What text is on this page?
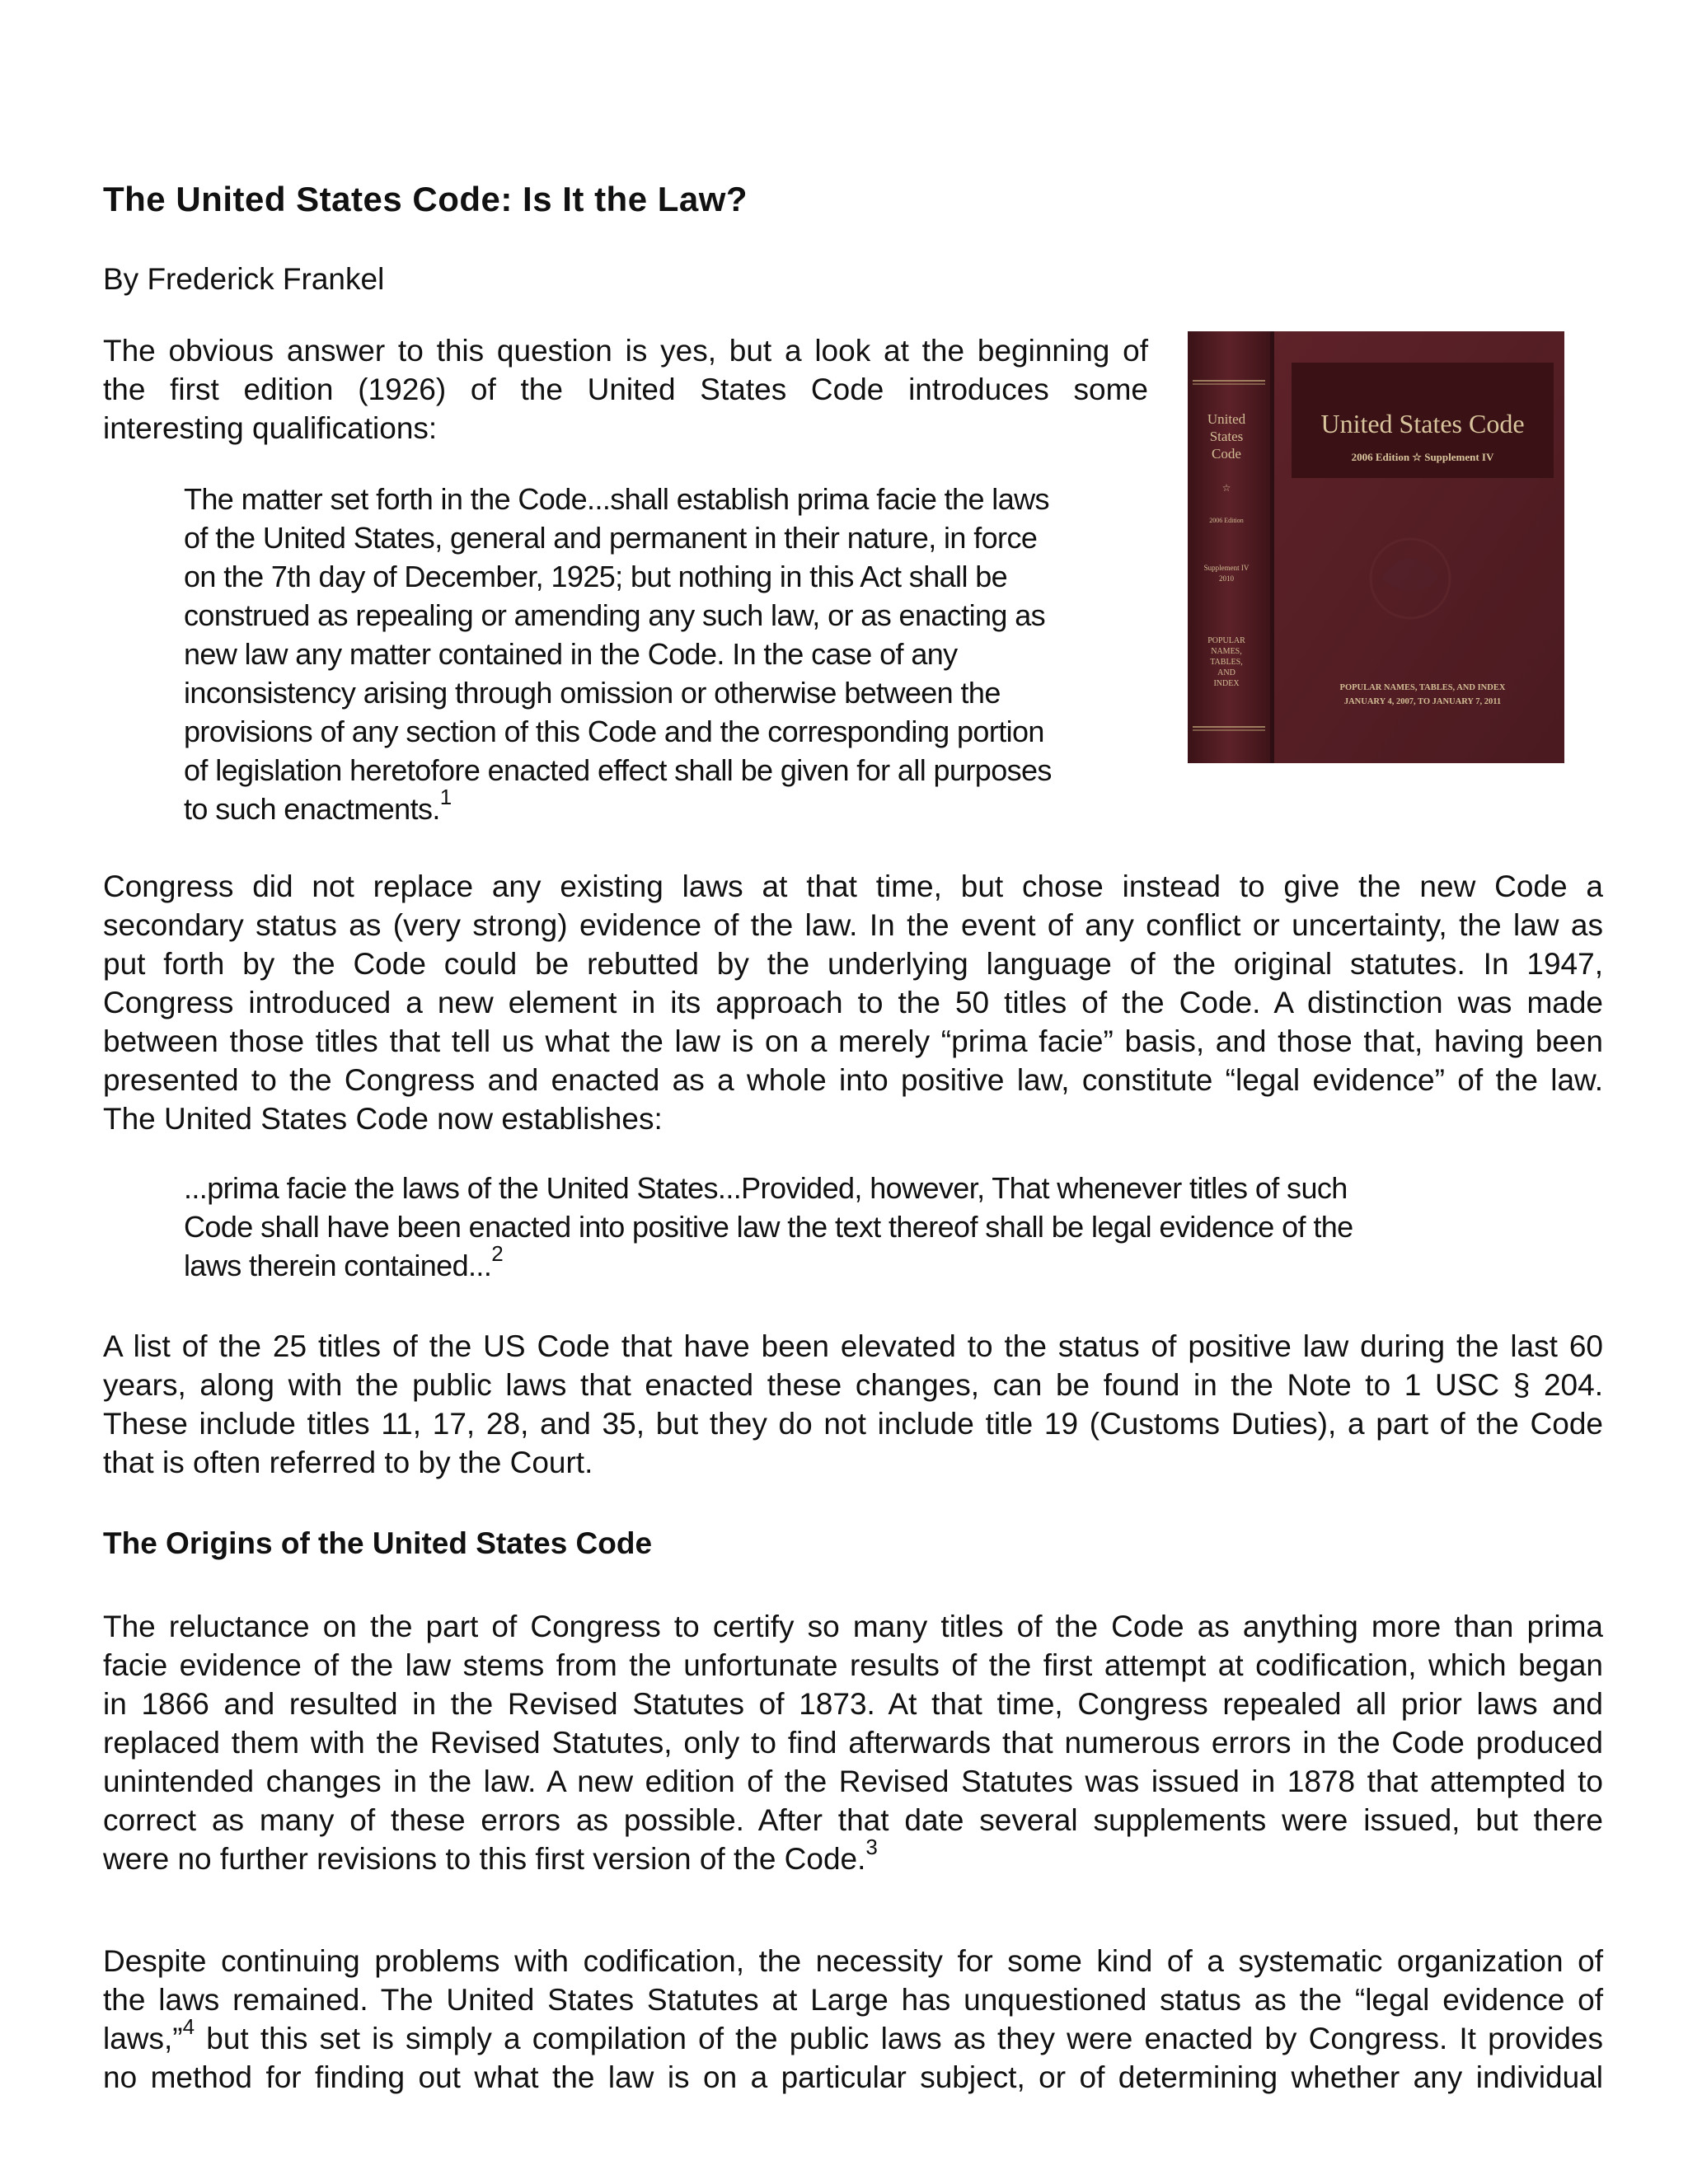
The United States Code: Is It the Law?

By Frederick Frankel

The obvious answer to this question is yes, but a look at the beginning of
the first edition (1926) of the United States Code introduces some
interesting qualifications:

The matter set forth in the Code...shall establish prima facie the laws
of the United States, general and permanent in their nature, in force
on the 7th day of December, 1925; but nothing in this Act shall be
construed as repealing or amending any such law, or as enacting as
new law any matter contained in the Code. In the case of any
inconsistency arising through omission or otherwise between the
provisions of any section of this Code and the corresponding portion
of legislation heretofore enacted effect shall be given for all purposes
to such enactments.$^1$
United
States
Code
☆
2006 Edition
Supplement IV
2010
POPULAR
NAMES,
TABLES,
AND
INDEX
United States Code
2006 Edition ☆ Supplement IV
POPULAR NAMES, TABLES, AND INDEX
JANUARY 4, 2007, TO JANUARY 7, 2011

Congress did not replace any existing laws at that time, but chose instead to give the new Code a
secondary status as (very strong) evidence of the law. In the event of any conflict or uncertainty, the law as
put forth by the Code could be rebutted by the underlying language of the original statutes. In 1947,
Congress introduced a new element in its approach to the 50 titles of the Code. A distinction was made
between those titles that tell us what the law is on a merely “prima facie” basis, and those that, having been
presented to the Congress and enacted as a whole into positive law, constitute “legal evidence” of the law.
The United States Code now establishes:

...prima facie the laws of the United States...Provided, however, That whenever titles of such
Code shall have been enacted into positive law the text thereof shall be legal evidence of the
laws therein contained...$^2$

A list of the 25 titles of the US Code that have been elevated to the status of positive law during the last 60
years, along with the public laws that enacted these changes, can be found in the Note to 1 USC § 204.
These include titles 11, 17, 28, and 35, but they do not include title 19 (Customs Duties), a part of the Code
that is often referred to by the Court.

The Origins of the United States Code

The reluctance on the part of Congress to certify so many titles of the Code as anything more than prima
facie evidence of the law stems from the unfortunate results of the first attempt at codification, which began
in 1866 and resulted in the Revised Statutes of 1873. At that time, Congress repealed all prior laws and
replaced them with the Revised Statutes, only to find afterwards that numerous errors in the Code produced
unintended changes in the law. A new edition of the Revised Statutes was issued in 1878 that attempted to
correct as many of these errors as possible. After that date several supplements were issued, but there
were no further revisions to this first version of the Code.$^3$

Despite continuing problems with codification, the necessity for some kind of a systematic organization of
the laws remained. The United States Statutes at Large has unquestioned status as the “legal evidence of
laws,”$^4$ but this set is simply a compilation of the public laws as they were enacted by Congress. It provides
no method for finding out what the law is on a particular subject, or of determining whether any individual
